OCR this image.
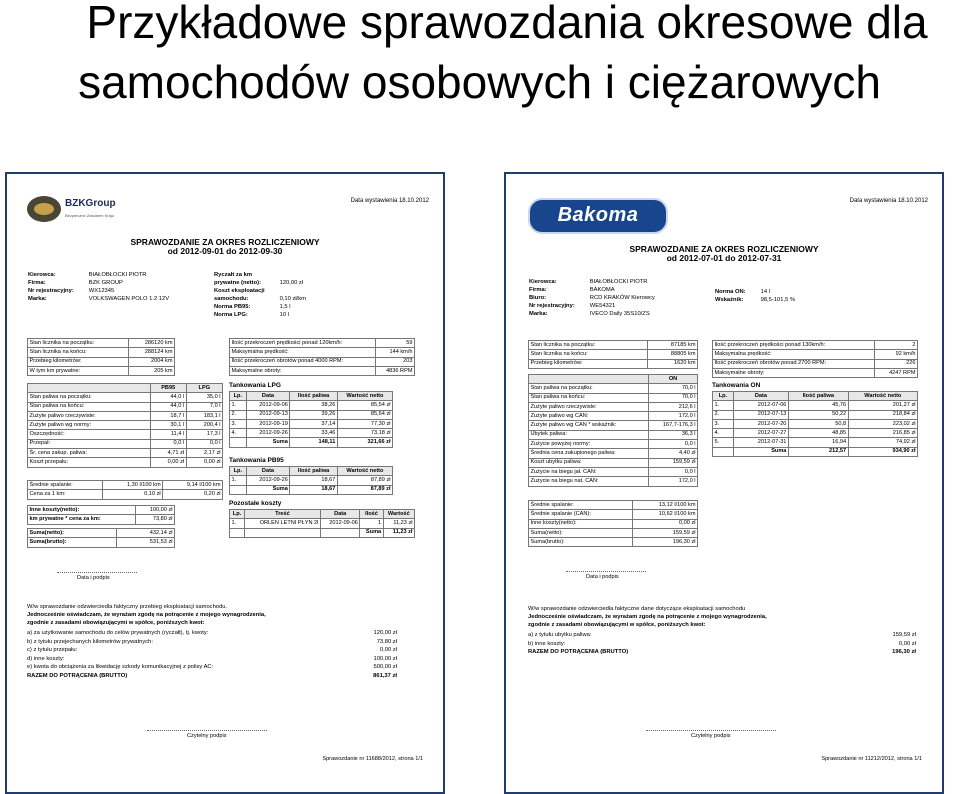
Przykładowe sprawozdania okresowe dla
samochodów osobowych i ciężarowych
BZKGroup
Bezpieczne Zasobem Kraju
Data wystawienia 18.10.2012
SPRAWOZDANIE ZA OKRES ROZLICZENIOWY
od 2012-09-01 do 2012-09-30
Kierowca:	BIAŁOBŁOCKI PIOTR
Firma:	BZK GROUP
Nr rejestracyjny:	WX12345
Marka:	VOLKSWAGEN POLO 1.2 12V
Ryczałt za km	
prywatne (netto):	120,00 zł
Koszt eksploatacji	
samochodu:	0,10 zł/km
Norma PB95:	1,5 l
Norma LPG:	10 l
Stan licznika na początku:	286120 km
Stan licznika na końcu:	288124 km
Przebieg kilometrów:	2004 km
W tym km prywatne:	205 km
Ilość przekroczeń prędkości ponad 120km/h:	59
Maksymalna prędkość:	144 km/h
Ilość przekroczeń obrotów ponad 4000 RPM:	203
Maksymalne obroty:	4836 RPM
	PB95	LPG
Stan paliwa na początku:	44,0 l	35,0 l
Stan paliwa na końcu:	44,0 l	7,0 l
Zużyte paliwo rzeczywiste:	18,7 l	183,1 l
Zużyte paliwo wg normy:	30,1 l	200,4 l
Oszczędność:	11,4 l	17,3 l
Przepał:	0,0 l	0,0 l
Śr. cena zakup. paliwa:	4,71 zł	2,17 zł
Koszt przepału:	0,00 zł	0,00 zł
Średnie spalanie:	1,30 l/100 km	9,14 l/100 km
Cena za 1 km:	0,10 zł	0,20 zł
Inne koszty(netto):	100,00 zł
km prywatne * cena za km:	73,80 zł
Suma(netto):	432,14 zł
Suma(brutto):	531,53 zł
Tankowania LPG
Lp.	Data	Ilość paliwa	Wartość netto
1.	2012-09-06	38,26	85,54 zł
2.	2012-09-13	39,26	85,64 zł
3.	2012-09-19	37,14	77,30 zł
4.	2012-09-26	33,46	73,18 zł
	Suma	148,11	321,66 zł
Tankowania PB95
Lp.	Data	Ilość paliwa	Wartość netto
1.	2012-09-26	18,67	87,89 zł
	Suma	18,67	87,89 zł
Pozostałe koszty
Lp.	Treść	Data	Ilość	Wartość
1.	ORLEN LETNI PŁYN 2l	2012-09-06	1	11,23 zł
			Suma	11,23 zł
Data i podpis
W/w sprawozdanie odzwierciedla faktyczny przebieg eksploatacji samochodu.
Jednocześnie oświadczam, że wyrażam zgodę na potrącenie z mojego wynagrodzenia,
zgodnie z zasadami obowiązującymi w spółce, poniższych kwot:
a) za użytkowanie samochodu do celów prywatnych (ryczałt), tj. kwoty:	120,00 zł
b) z tytułu przejechanych kilometrów prywatnych:	73,80 zł
c) z tytułu przepału:	0,00 zł
d) inne koszty:	100,00 zł
e) kwota do obciążenia za likwidację szkody komunikacyjnej z polisy AC:	500,00 zł
RAZEM DO POTRĄCENIA (BRUTTO)	861,37 zł
Czytelny podpis
Sprawozdanie nr 11688/2012, strona 1/1
Bakoma
Data wystawienia 18.10.2012
SPRAWOZDANIE ZA OKRES ROZLICZENIOWY
od 2012-07-01 do 2012-07-31
Kierowca:	BIAŁOBŁOCKI PIOTR
Firma:	BAKOMA
Biuro:	RCD KRAKÓW Kierowcy
Nr rejestracyjny:	WE54321
Marka:	IVECO Daily 35S10/ZS
Norma ON:	14 l
Wskaźnik:	98,5-101,5 %
Stan licznika na początku:	87185 km
Stan licznika na końcu:	88805 km
Przebieg kilometrów:	1620 km
Ilość przekroczeń prędkości ponad 130km/h:	2
Maksymalna prędkość:	92 km/h
Ilość przekroczeń obrotów ponad 2700 RPM:	226
Maksymalne obroty:	4247 RPM
	ON
Stan paliwa na początku:	70,0 l
Stan paliwa na końcu:	70,0 l
Zużyte paliwo rzeczywiste:	212,6 l
Zużyte paliwo wg CAN:	172,0 l
Zużyte paliwo wg CAN * wskaźnik:	167,7-176,3 l
Ubytek paliwa:	36,3 l
Zużycie powyżej normy:	0,0 l
Średnia cena zakupionego paliwa:	4,40 zł
Koszt ubytku paliwa:	159,59 zł
Zużycie na biegu jał. CAN:	0,0 l
Zużycie na biegu nat. CAN:	172,0 l
Średnie spalanie:	13,12 l/100 km
Średnie spalanie (CAN):	10,62 l/100 km
Inne koszty(netto):	0,00 zł
Suma(netto):	159,59 zł
Suma(brutto):	196,30 zł
Tankowania ON
Lp.	Data	Ilość paliwa	Wartość netto
1.	2012-07-06	45,76	201,27 zł
2.	2012-07-13	50,22	218,84 zł
3.	2012-07-20	50,8	223,02 zł
4.	2012-07-27	48,85	216,85 zł
5.	2012-07-31	16,94	74,92 zł
	Suma	212,57	934,90 zł
Data i podpis
W/w sprawozdanie odzwierciedla faktyczne dane dotyczące eksploatacji samochodu
Jednocześnie oświadczam, że wyrażam zgodę na potrącenie z mojego wynagrodzenia,
zgodnie z zasadami obowiązującymi w spółce, poniższych kwot:
a) z tytułu ubytku paliwa:	159,59 zł
b) inne koszty:	0,00 zł
RAZEM DO POTRĄCENIA (BRUTTO)	196,30 zł
Czytelny podpis
Sprawozdanie nr 11212/2012, strona 1/1
